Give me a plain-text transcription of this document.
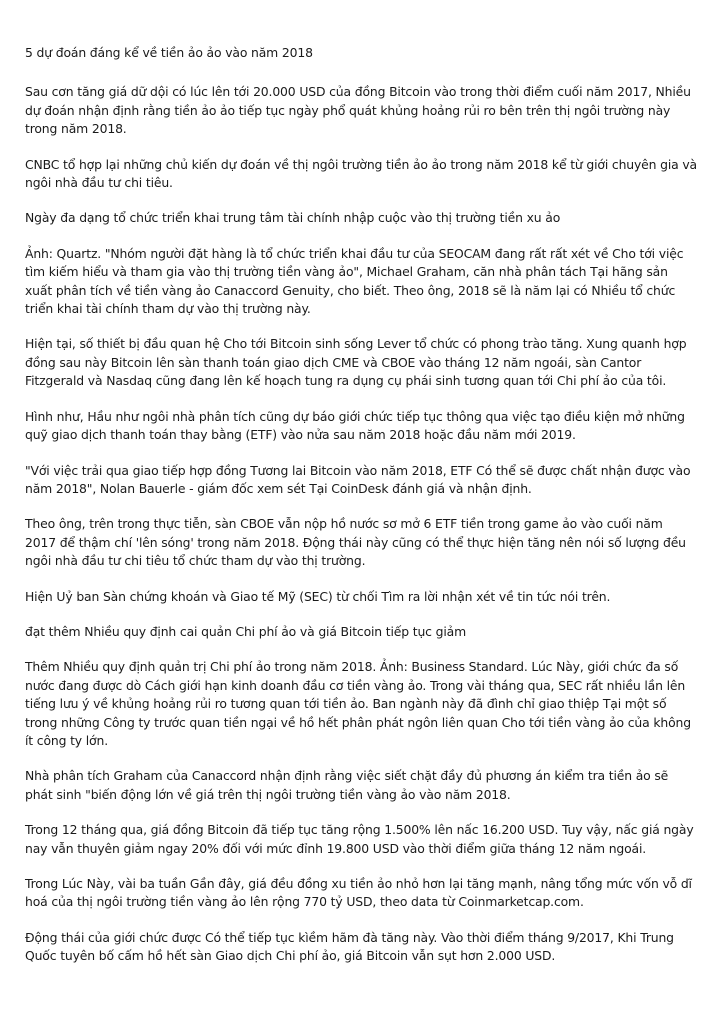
5 dự đoán đáng kể về tiền ảo ảo vào năm 2018

Sau cơn tăng giá dữ dội có lúc lên tới 20.000 USD của đồng Bitcoin vào trong thời điểm cuối năm 2017, Nhiều dự đoán nhận định rằng tiền ảo ảo tiếp tục ngày phổ quát khủng hoảng rủi ro bên trên thị ngôi trường này trong năm 2018.

CNBC tổ hợp lại những chủ kiến dự đoán về thị ngôi trường tiền ảo ảo trong năm 2018 kể từ giới chuyên gia và ngôi nhà đầu tư chi tiêu.

Ngày đa dạng tổ chức triển khai trung tâm tài chính nhập cuộc vào thị trường tiền xu ảo

Ảnh: Quartz. "Nhóm người đặt hàng là tổ chức triển khai đầu tư của SEOCAM đang rất rất xét về Cho tới việc tìm kiếm hiểu và tham gia vào thị trường tiền vàng ảo", Michael Graham, căn nhà phân tách Tại hãng sản xuất phân tích về tiền vàng ảo Canaccord Genuity, cho biết. Theo ông, 2018 sẽ là năm lại có Nhiều tổ chức triển khai tài chính tham dự vào thị trường này.

Hiện tại, số thiết bị đầu quan hệ Cho tới Bitcoin sinh sống Lever tổ chức có phong trào tăng. Xung quanh hợp đồng sau này Bitcoin lên sàn thanh toán giao dịch CME và CBOE vào tháng 12 năm ngoái, sàn Cantor Fitzgerald và Nasdaq cũng đang lên kế hoạch tung ra dụng cụ phái sinh tương quan tới Chi phí ảo của tôi.

Hình như, Hầu như ngôi nhà phân tích cũng dự báo giới chức tiếp tục thông qua việc tạo điều kiện mở những quỹ giao dịch thanh toán thay bằng (ETF) vào nửa sau năm 2018 hoặc đầu năm mới 2019.

"Với việc trải qua giao tiếp hợp đồng Tương lai Bitcoin vào năm 2018, ETF Có thể sẽ được chất nhận được vào năm 2018", Nolan Bauerle - giám đốc xem sét Tại CoinDesk đánh giá và nhận định.

Theo ông, trên trong thực tiễn, sàn CBOE vẫn nộp hồ nước sơ mở 6 ETF tiền trong game ảo vào cuối năm 2017 để thậm chí 'lên sóng' trong năm 2018. Động thái này cũng có thể thực hiện tăng nên nói số lượng đều ngôi nhà đầu tư chi tiêu tổ chức tham dự vào thị trường.

Hiện Uỷ ban Sàn chứng khoán và Giao tế Mỹ (SEC) từ chối Tìm ra lời nhận xét về tin tức nói trên.

đạt thêm Nhiều quy định cai quản Chi phí ảo và giá Bitcoin tiếp tục giảm

Thêm Nhiều quy định quản trị Chi phí ảo trong năm 2018. Ảnh: Business Standard. Lúc Này, giới chức đa số nước đang được dò Cách giới hạn kinh doanh đầu cơ tiền vàng ảo. Trong vài tháng qua, SEC rất nhiều lần lên tiếng lưu ý về khủng hoảng rủi ro tương quan tới tiền ảo. Ban ngành này đã đình chỉ giao thiệp Tại một số trong những Công ty trước quan tiền ngại về hồ hết phân phát ngôn liên quan Cho tới tiền vàng ảo của không ít công ty lớn.

Nhà phân tích Graham của Canaccord nhận định rằng việc siết chặt đầy đủ phương án kiểm tra tiền ảo sẽ phát sinh "biến động lớn về giá trên thị ngôi trường tiền vàng ảo vào năm 2018.

Trong 12 tháng qua, giá đồng Bitcoin đã tiếp tục tăng rộng 1.500% lên nấc 16.200 USD. Tuy vậy, nấc giá ngày nay vẫn thuyên giảm ngay 20% đối với mức đỉnh 19.800 USD vào thời điểm giữa tháng 12 năm ngoái.

Trong Lúc Này, vài ba tuần Gần đây, giá đều đồng xu tiền ảo nhỏ hơn lại tăng mạnh, nâng tổng mức vốn vỗ dĩ hoá của thị ngôi trường tiền vàng ảo lên rộng 770 tỷ USD, theo data từ Coinmarketcap.com.

Động thái của giới chức được Có thể tiếp tục kìềm hãm đà tăng này. Vào thời điểm tháng 9/2017, Khi Trung Quốc tuyên bố cấm hồ hết sàn Giao dịch Chi phí ảo, giá Bitcoin vẫn sụt hơn 2.000 USD.
